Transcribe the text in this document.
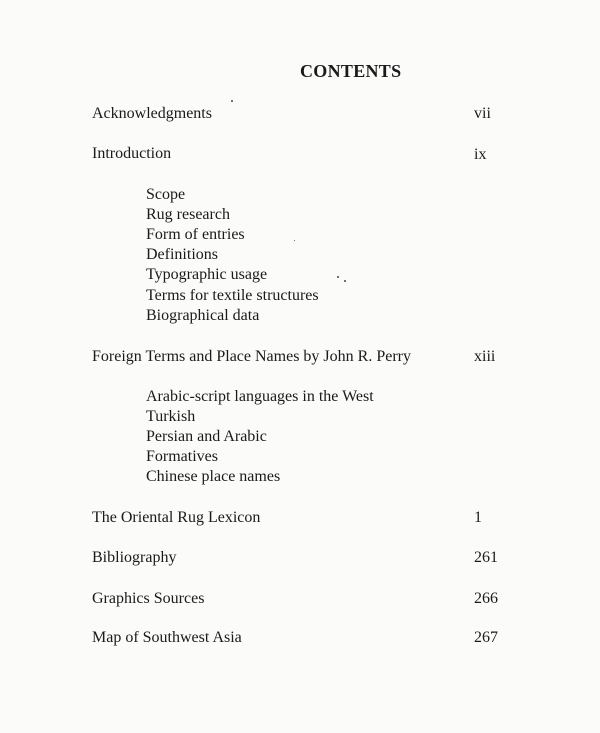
CONTENTS
Acknowledgments	vii
Introduction	ix
Scope
Rug research
Form of entries
Definitions
Typographic usage
Terms for textile structures
Biographical data
Foreign Terms and Place Names by John R. Perry	xiii
Arabic-script languages in the West
Turkish
Persian and Arabic
Formatives
Chinese place names
The Oriental Rug Lexicon	1
Bibliography	261
Graphics Sources	266
Map of Southwest Asia	267
